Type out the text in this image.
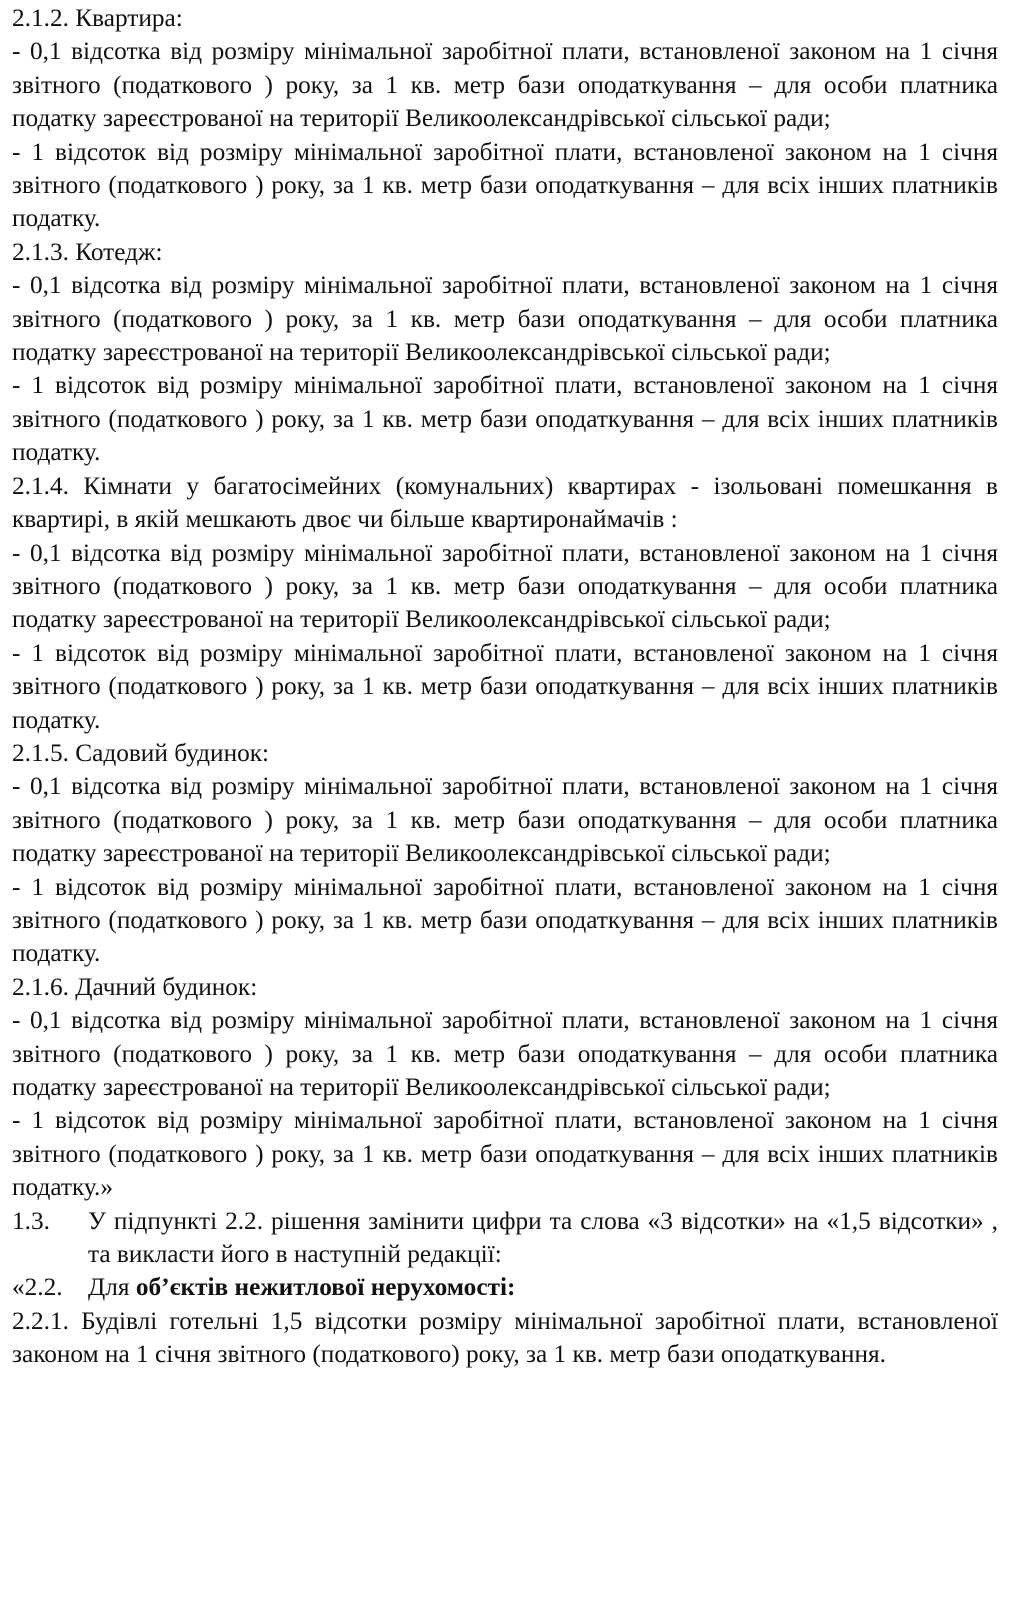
2.1.2. Квартира:

- 0,1 відсотка від розміру мінімальної заробітної плати, встановленої законом на 1 січня звітного (податкового ) року, за 1 кв. метр бази оподаткування – для особи платника податку зареєстрованої на території Великоолександрівської сільської ради;

- 1 відсоток від розміру мінімальної заробітної плати, встановленої законом на 1 січня звітного (податкового ) року, за 1 кв. метр бази оподаткування – для всіх інших платників податку.

2.1.3. Котедж:

- 0,1 відсотка від розміру мінімальної заробітної плати, встановленої законом на 1 січня звітного (податкового ) року, за 1 кв. метр бази оподаткування – для особи платника податку зареєстрованої на території Великоолександрівської сільської ради;

- 1 відсоток від розміру мінімальної заробітної плати, встановленої законом на 1 січня звітного (податкового ) року, за 1 кв. метр бази оподаткування – для всіх інших платників податку.

2.1.4. Кімнати у багатосімейних (комунальних) квартирах - ізольовані помешкання в квартирі, в якій мешкають двоє чи більше квартиронаймачів :

- 0,1 відсотка від розміру мінімальної заробітної плати, встановленої законом на 1 січня звітного (податкового ) року, за 1 кв. метр бази оподаткування – для особи платника податку зареєстрованої на території Великоолександрівської сільської ради;

- 1 відсоток від розміру мінімальної заробітної плати, встановленої законом на 1 січня звітного (податкового ) року, за 1 кв. метр бази оподаткування – для всіх інших платників податку.

2.1.5. Садовий будинок:

- 0,1 відсотка від розміру мінімальної заробітної плати, встановленої законом на 1 січня звітного (податкового ) року, за 1 кв. метр бази оподаткування – для особи платника податку зареєстрованої на території Великоолександрівської сільської ради;

- 1 відсоток від розміру мінімальної заробітної плати, встановленої законом на 1 січня звітного (податкового ) року, за 1 кв. метр бази оподаткування – для всіх інших платників податку.

2.1.6. Дачний будинок:

- 0,1 відсотка від розміру мінімальної заробітної плати, встановленої законом на 1 січня звітного (податкового ) року, за 1 кв. метр бази оподаткування – для особи платника податку зареєстрованої на території Великоолександрівської сільської ради;

- 1 відсоток від розміру мінімальної заробітної плати, встановленої законом на 1 січня звітного (податкового ) року, за 1 кв. метр бази оподаткування – для всіх інших платників податку.»

1.3.	У підпункті 2.2. рішення замінити цифри та слова «3 відсотки» на «1,5 відсотки» , та викласти його в наступній редакції:
«2.2.	Для об’єктів нежитлової нерухомості:

2.2.1. Будівлі готельні 1,5 відсотки розміру мінімальної заробітної плати, встановленої законом на 1 січня звітного (податкового) року, за 1 кв. метр бази оподаткування.
